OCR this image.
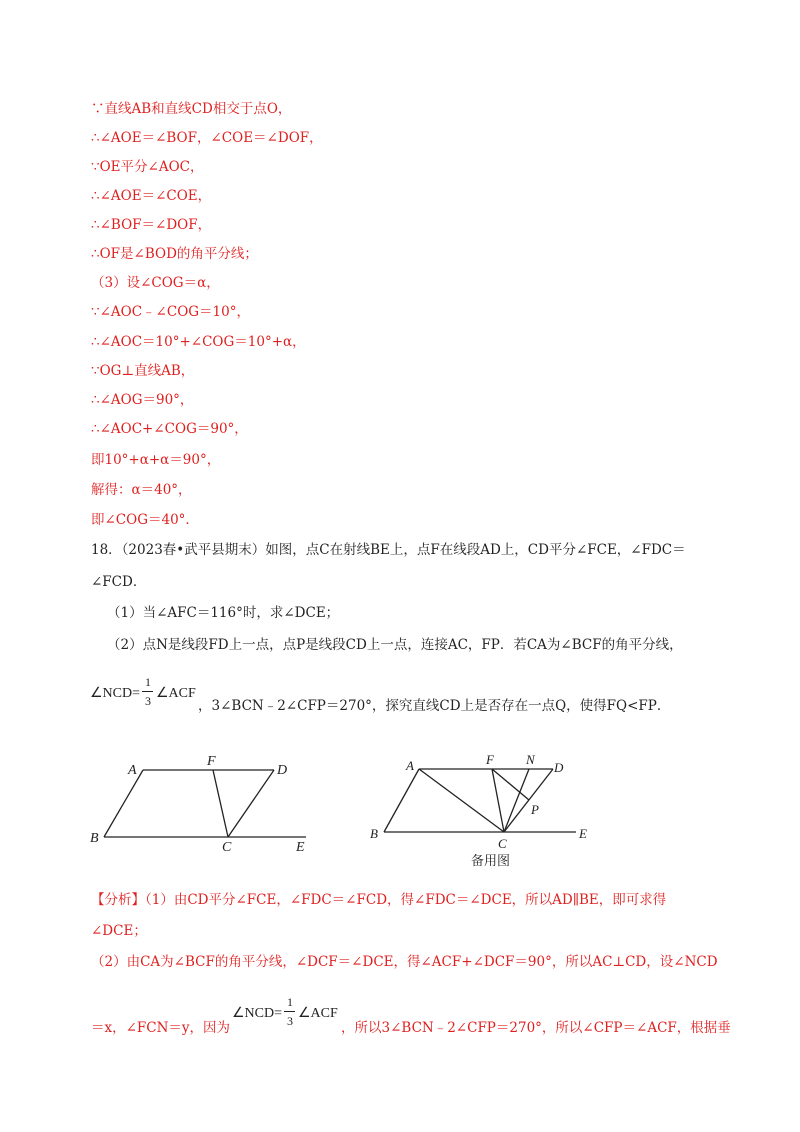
∵直线AB和直线CD相交于点O，
∴∠AOE＝∠BOF，∠COE＝∠DOF，
∵OE平分∠AOC，
∴∠AOE＝∠COE，
∴∠BOF＝∠DOF，
∴OF是∠BOD的角平分线；
（3）设∠COG＝α，
∵∠AOC﹣∠COG＝10°，
∴∠AOC＝10°+∠COG＝10°+α，
∵OG⊥直线AB，
∴∠AOG＝90°，
∴∠AOC+∠COG＝90°，
即10°+α+α＝90°，
解得：α＝40°，
即∠COG＝40°．
18．（2023春•武平县期末）如图，点C在射线BE上，点F在线段AD上，CD平分∠FCE，∠FDC＝
∠FCD．
（1）当∠AFC＝116°时，求∠DCE；
（2）点N是线段FD上一点，点P是线段CD上一点，连接AC，FP．若CA为∠BCF的角平分线，
∠NCD=
1
3 ∠ACF
，3∠BCN﹣2∠CFP＝270°，探究直线CD上是否存在一点Q，使得FQ<FP．
A
F
D
B
C	E
A	F N
D
P
B
C
E
备用图
【分析】（1）由CD平分∠FCE，∠FDC＝∠FCD，得∠FDC＝∠DCE，所以AD∥BE，即可求得
∠DCE；
（2）由CA为∠BCF的角平分线，∠DCF＝∠DCE，得∠ACF+∠DCF＝90°，所以AC⊥CD，设∠NCD
＝x，∠FCN＝y，因为
∠NCD=
1
3 ∠ACF
，所以3∠BCN﹣2∠CFP＝270°，所以∠CFP＝∠ACF，根据垂
